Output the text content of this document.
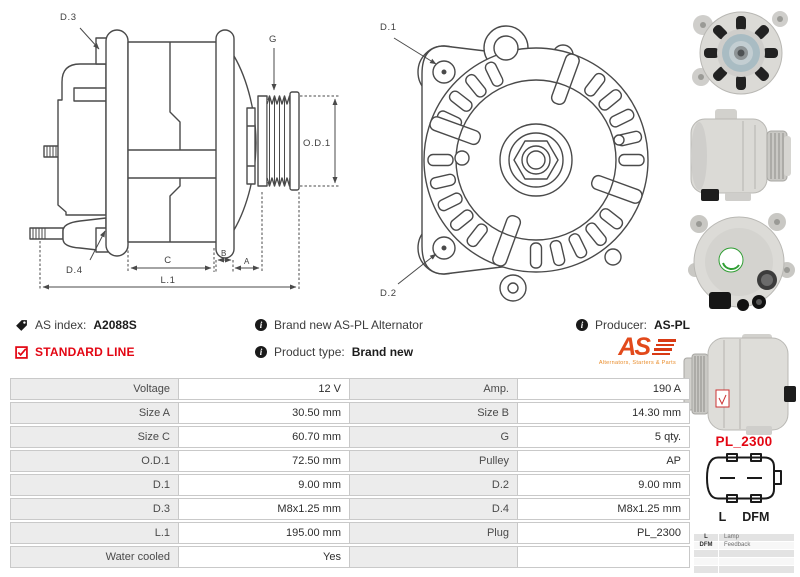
D.3
G
O.D.1
D.4
C
B
A
L.1
D.1
D.2
AS index: A2088S	i Brand new AS-PL Alternator	i Producer: AS-PL
STANDARD LINE	i Product type: Brand new	AS
Alternators, Starters & Parts
Voltage	12 V	Amp.	190 A
Size A	30.50 mm	Size B	14.30 mm
Size C	60.70 mm	G	5 qty.
O.D.1	72.50 mm	Pulley	AP
D.1	9.00 mm	D.2	9.00 mm
D.3	M8x1.25 mm	D.4	M8x1.25 mm
L.1	195.00 mm	Plug	PL_2300
Water cooled	Yes
PL_2300
L DFM
L	Lamp
DFM	Feedback
